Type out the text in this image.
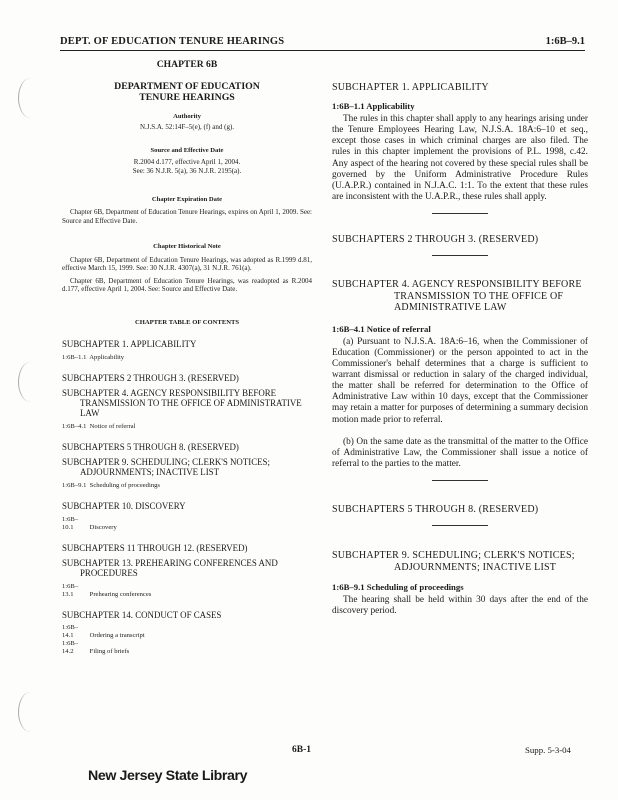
DEPT. OF EDUCATION TENURE HEARINGS	1:6B–9.1
CHAPTER 6B
DEPARTMENT OF EDUCATION
TENURE HEARINGS
Authority
N.J.S.A. 52:14F–5(e), (f) and (g).
Source and Effective Date
R.2004 d.177, effective April 1, 2004.
See: 36 N.J.R. 5(a), 36 N.J.R. 2195(a).
Chapter Expiration Date

Chapter 6B, Department of Education Tenure Hearings, expires on April 1, 2009. See: Source and Effective Date.

Chapter Historical Note

Chapter 6B, Department of Education Tenure Hearings, was adopted as R.1999 d.81, effective March 15, 1999. See: 30 N.J.R. 4307(a), 31 N.J.R. 761(a).

Chapter 6B, Department of Education Tenure Hearings, was readopted as R.2004 d.177, effective April 1, 2004. See: Source and Effective Date.

CHAPTER TABLE OF CONTENTS
SUBCHAPTER 1. APPLICABILITY
1:6B–1.1 Applicability
SUBCHAPTERS 2 THROUGH 3. (RESERVED)
SUBCHAPTER 4. AGENCY RESPONSIBILITY BEFORE TRANSMISSION TO THE OFFICE OF ADMINISTRATIVE LAW
1:6B–4.1 Notice of referral
SUBCHAPTERS 5 THROUGH 8. (RESERVED)
SUBCHAPTER 9. SCHEDULING; CLERK'S NOTICES; ADJOURNMENTS; INACTIVE LIST
1:6B–9.1 Scheduling of proceedings
SUBCHAPTER 10. DISCOVERY
1:6B–10.1 Discovery
SUBCHAPTERS 11 THROUGH 12. (RESERVED)
SUBCHAPTER 13. PREHEARING CONFERENCES AND PROCEDURES
1:6B–13.1 Prehearing conferences
SUBCHAPTER 14. CONDUCT OF CASES
1:6B–14.1 Ordering a transcript
1:6B–14.2 Filing of briefs
SUBCHAPTER 1. APPLICABILITY
1:6B–1.1 Applicability

The rules in this chapter shall apply to any hearings arising under the Tenure Employees Hearing Law, N.J.S.A. 18A:6–10 et seq., except those cases in which criminal charges are also filed. The rules in this chapter implement the provisions of P.L. 1998, c.42. Any aspect of the hearing not covered by these special rules shall be governed by the Uniform Administrative Procedure Rules (U.A.P.R.) contained in N.J.A.C. 1:1. To the extent that these rules are inconsistent with the U.A.P.R., these rules shall apply.

SUBCHAPTERS 2 THROUGH 3. (RESERVED)
SUBCHAPTER 4. AGENCY RESPONSIBILITY BEFORE TRANSMISSION TO THE OFFICE OF ADMINISTRATIVE LAW
1:6B–4.1 Notice of referral

(a) Pursuant to N.J.S.A. 18A:6–16, when the Commissioner of Education (Commissioner) or the person appointed to act in the Commissioner's behalf determines that a charge is sufficient to warrant dismissal or reduction in salary of the charged individual, the matter shall be referred for determination to the Office of Administrative Law within 10 days, except that the Commissioner may retain a matter for purposes of determining a summary decision motion made prior to referral.

(b) On the same date as the transmittal of the matter to the Office of Administrative Law, the Commissioner shall issue a notice of referral to the parties to the matter.

SUBCHAPTERS 5 THROUGH 8. (RESERVED)
SUBCHAPTER 9. SCHEDULING; CLERK'S NOTICES; ADJOURNMENTS; INACTIVE LIST
1:6B–9.1 Scheduling of proceedings

The hearing shall be held within 30 days after the end of the discovery period.

6B-1	Supp. 5-3-04
New Jersey State Library
